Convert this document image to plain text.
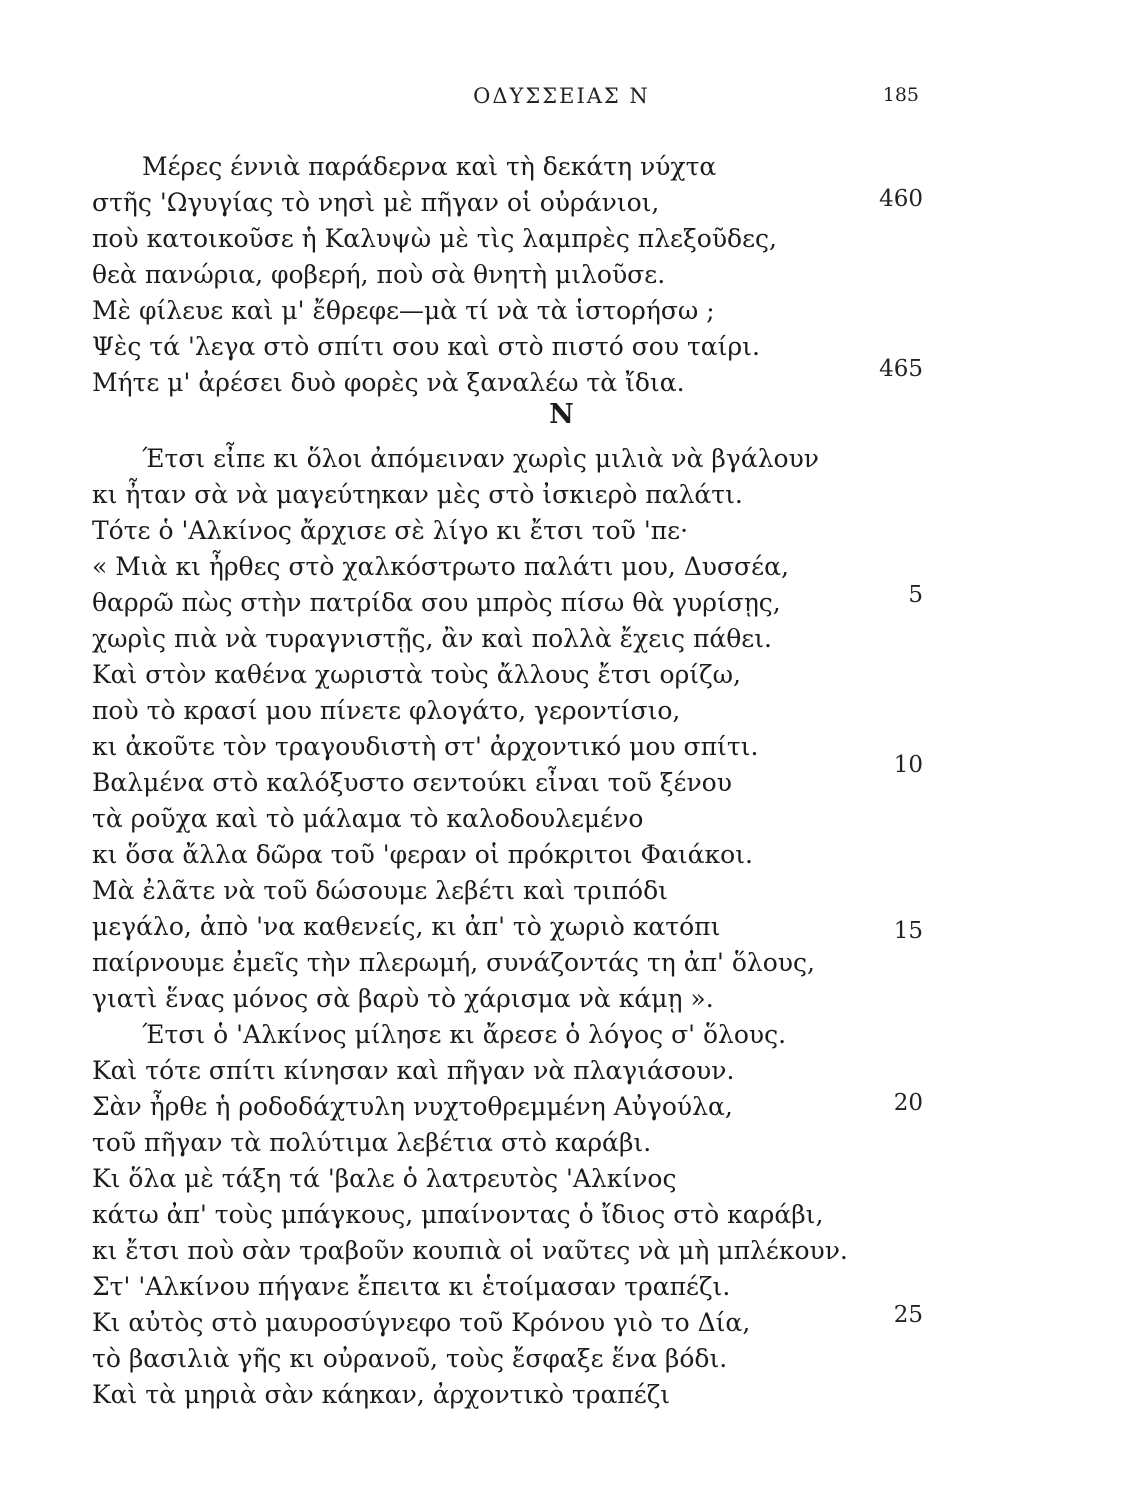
ΟΔΥΣΣΕΙΑΣ Ν	185
Μέρες έννιὰ παράδερνα καὶ τὴ δεκάτη νύχτα
στῆς 'Ωγυγίας τὸ νησὶ μὲ πῆγαν οἱ οὐράνιοι,	460
ποὺ κατοικοῦσε ἡ Καλυψὼ μὲ τὶς λαμπρὲς πλεξοῦδες,
θεὰ πανώρια, φοβερή, ποὺ σὰ θνητὴ μιλοῦσε.
Μὲ φίλευε καὶ μ' ἔθρεφε—μὰ τί νὰ τὰ ἱστορήσω ;
Ψὲς τά 'λεγα στὸ σπίτι σου καὶ στὸ πιστό σου ταίρι.
Μήτε μ' ἀρέσει δυὸ φορὲς νὰ ξαναλέω τὰ ἴδια.	465
Ν
Έτσι εἶπε κι ὅλοι ἀπόμειναν χωρὶς μιλιὰ νὰ βγάλουν
κι ἦταν σὰ νὰ μαγεύτηκαν μὲς στὸ ἰσκιερὸ παλάτι.
Τότε ὁ 'Αλκίνος ἄρχισε σὲ λίγο κι ἔτσι τοῦ 'πε·
« Μιὰ κι ἦρθες στὸ χαλκόστρωτο παλάτι μου, Δυσσέα,
θαρρῶ πὼς στὴν πατρίδα σου μπρὸς πίσω θὰ γυρίσῃς,	5
χωρὶς πιὰ νὰ τυραγνιστῇς, ἂν καὶ πολλὰ ἔχεις πάθει.
Καὶ στὸν καθένα χωριστὰ τοὺς ἄλλους ἔτσι ορίζω,
ποὺ τὸ κρασί μου πίνετε φλογάτο, γεροντίσιο,
κι ἀκοῦτε τὸν τραγουδιστὴ στ' ἀρχοντικό μου σπίτι.
Βαλμένα στὸ καλόξυστο σεντούκι εἶναι τοῦ ξένου
10
τὰ ροῦχα καὶ τὸ μάλαμα τὸ καλοδουλεμένο
κι ὅσα ἄλλα δῶρα τοῦ 'φεραν οἱ πρόκριτοι Φαιάκοι.
Μὰ ἐλᾶτε νὰ τοῦ δώσουμε λεβέτι καὶ τριπόδι
μεγάλο, ἀπὸ 'να καθενείς, κι ἀπ' τὸ χωριὸ κατόπι
παίρνουμε ἐμεῖς τὴν πλερωμή, συνάζοντάς τη ἀπ' ὅλους,
15
γιατὶ ἕνας μόνος σὰ βαρὺ τὸ χάρισμα νὰ κάμῃ ».
Έτσι ὁ 'Αλκίνος μίλησε κι ἄρεσε ὁ λόγος σ' ὅλους.
Καὶ τότε σπίτι κίνησαν καὶ πῆγαν νὰ πλαγιάσουν.
Σὰν ἦρθε ἡ ροδοδάχτυλη νυχτοθρεμμένη Αὐγούλα,
τοῦ πῆγαν τὰ πολύτιμα λεβέτια στὸ καράβι.
20
Κι ὅλα μὲ τάξη τά 'βαλε ὁ λατρευτὸς 'Αλκίνος
κάτω ἀπ' τοὺς μπάγκους, μπαίνοντας ὁ ἴδιος στὸ καράβι,
κι ἔτσι ποὺ σὰν τραβοῦν κουπιὰ οἱ ναῦτες νὰ μὴ μπλέκουν.
Στ' 'Αλκίνου πήγανε ἔπειτα κι ἑτοίμασαν τραπέζι.
Κι αὐτὸς στὸ μαυροσύγνεφο τοῦ Κρόνου γιὸ το Δία,
τὸ βασιλιὰ γῆς κι οὐρανοῦ, τοὺς ἔσφαξε ἕνα βόδι.
25
Καὶ τὰ μηριὰ σὰν κάηκαν, ἀρχοντικὸ τραπέζι
